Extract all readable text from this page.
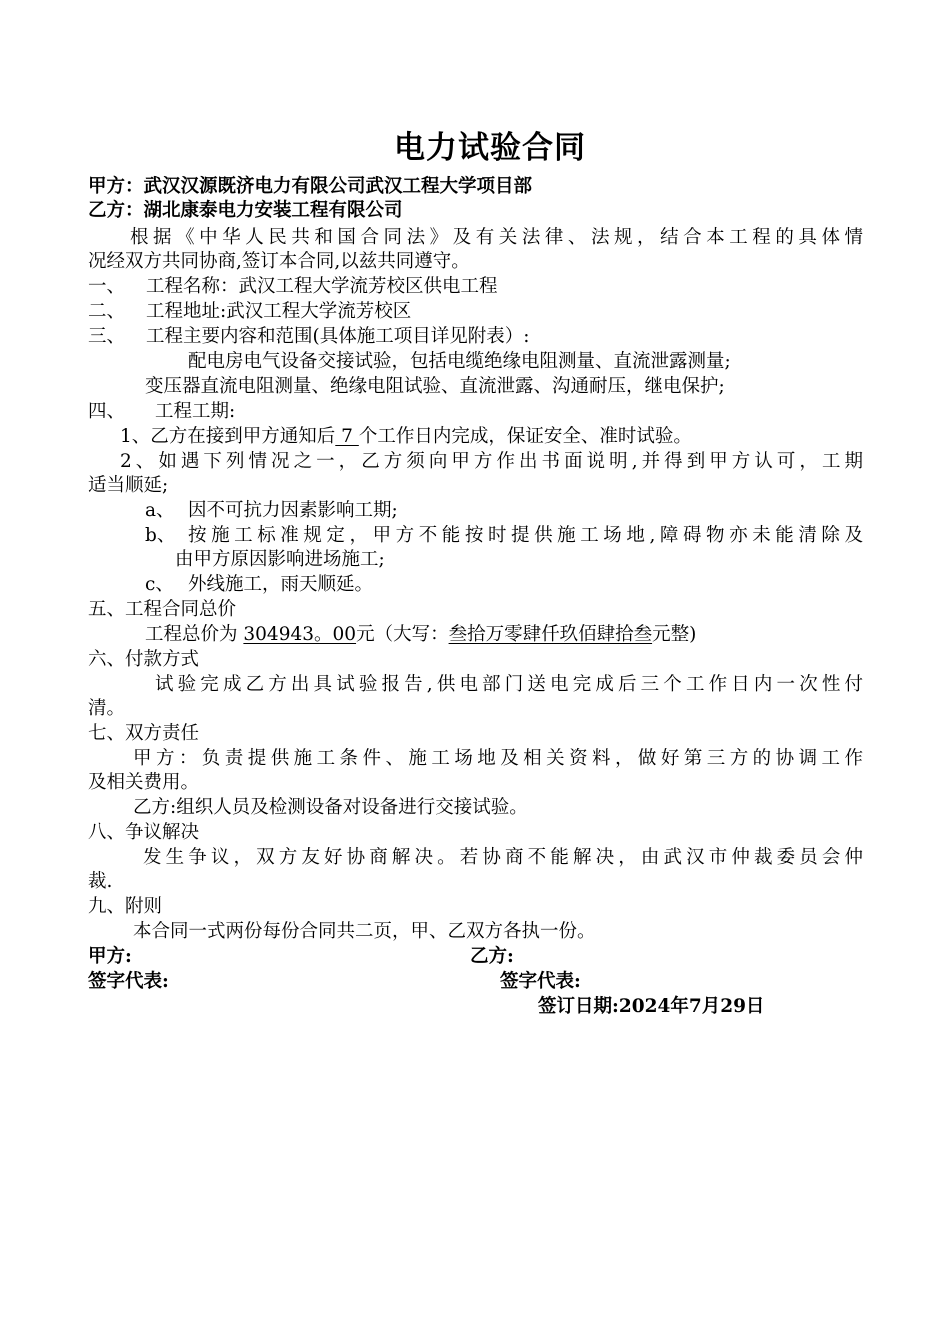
电力试验合同
甲方：武汉汉源既济电力有限公司武汉工程大学项目部
乙方：湖北康泰电力安装工程有限公司
根据《中华人民共和国合同法》及有关法律、法规，结合本工程的具体情
况经双方共同协商,签订本合同,以兹共同遵守。
一、 工程名称：武汉工程大学流芳校区供电工程
二、 工程地址:武汉工程大学流芳校区
三、 工程主要内容和范围(具体施工项目详见附表）:
配电房电气设备交接试验，包括电缆绝缘电阻测量、直流泄露测量;
变压器直流电阻测量、绝缘电阻试验、直流泄露、沟通耐压，继电保护;
四、 工程工期:
1、乙方在接到甲方通知后 7 个工作日内完成，保证安全、准时试验。
2、如遇下列情况之一，乙方须向甲方作出书面说明,并得到甲方认可，工期
适当顺延;
a、 因不可抗力因素影响工期;
b、 按施工标准规定，甲方不能按时提供施工场地,障碍物亦未能清除及
由甲方原因影响进场施工;
c、 外线施工，雨天顺延。
五、工程合同总价
工程总价为 304943。00元（大写：叁拾万零肆仟玖佰肆拾叁元整)
六、付款方式
试验完成乙方出具试验报告,供电部门送电完成后三个工作日内一次性付
清。
七、双方责任
甲方：负责提供施工条件、施工场地及相关资料，做好第三方的协调工作
及相关费用。
乙方:组织人员及检测设备对设备进行交接试验。
八、争议解决
发生争议，双方友好协商解决。若协商不能解决，由武汉市仲裁委员会仲
裁.
九、附则
本合同一式两份每份合同共二页，甲、乙双方各执一份。
甲方:	乙方:
签字代表:	签字代表:
签订日期:2024年7月29日
